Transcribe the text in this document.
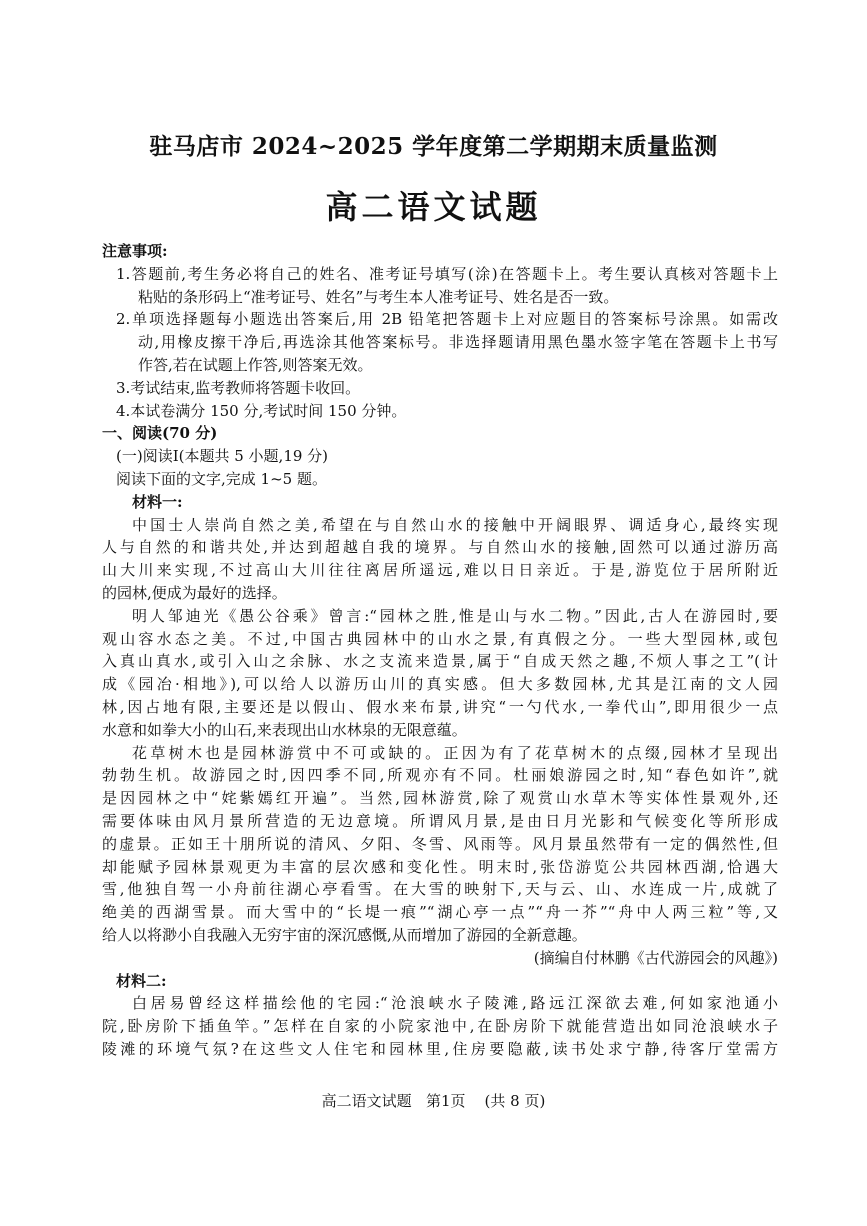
驻马店市 2024~2025 学年度第二学期期末质量监测
高二语文试题
注意事项:
1.答题前,考生务必将自己的姓名、准考证号填写(涂)在答题卡上。考生要认真核对答题卡上
粘贴的条形码上“准考证号、姓名”与考生本人准考证号、姓名是否一致。
2.单项选择题每小题选出答案后,用 2B 铅笔把答题卡上对应题目的答案标号涂黑。如需改
动,用橡皮擦干净后,再选涂其他答案标号。非选择题请用黑色墨水签字笔在答题卡上书写
作答,若在试题上作答,则答案无效。
3.考试结束,监考教师将答题卡收回。
4.本试卷满分 150 分,考试时间 150 分钟。
一、阅读(70 分)
(一)阅读Ⅰ(本题共 5 小题,19 分)
阅读下面的文字,完成 1~5 题。
材料一:
中国士人崇尚自然之美,希望在与自然山水的接触中开阔眼界、调适身心,最终实现
人与自然的和谐共处,并达到超越自我的境界。与自然山水的接触,固然可以通过游历高
山大川来实现,不过高山大川往往离居所遥远,难以日日亲近。于是,游览位于居所附近
的园林,便成为最好的选择。
明人邹迪光《愚公谷乘》曾言:“园林之胜,惟是山与水二物。”因此,古人在游园时,要
观山容水态之美。不过,中国古典园林中的山水之景,有真假之分。一些大型园林,或包
入真山真水,或引入山之余脉、水之支流来造景,属于“自成天然之趣,不烦人事之工”(计
成《园冶·相地》),可以给人以游历山川的真实感。但大多数园林,尤其是江南的文人园
林,因占地有限,主要还是以假山、假水来布景,讲究“一勺代水,一拳代山”,即用很少一点
水意和如拳大小的山石,来表现出山水林泉的无限意蕴。
花草树木也是园林游赏中不可或缺的。正因为有了花草树木的点缀,园林才呈现出
勃勃生机。故游园之时,因四季不同,所观亦有不同。杜丽娘游园之时,知“春色如许”,就
是因园林之中“姹紫嫣红开遍”。当然,园林游赏,除了观赏山水草木等实体性景观外,还
需要体味由风月景所营造的无边意境。所谓风月景,是由日月光影和气候变化等所形成
的虚景。正如王十朋所说的清风、夕阳、冬雪、风雨等。风月景虽然带有一定的偶然性,但
却能赋予园林景观更为丰富的层次感和变化性。明末时,张岱游览公共园林西湖,恰遇大
雪,他独自驾一小舟前往湖心亭看雪。在大雪的映射下,天与云、山、水连成一片,成就了
绝美的西湖雪景。而大雪中的“长堤一痕”“湖心亭一点”“舟一芥”“舟中人两三粒”等,又
给人以将渺小自我融入无穷宇宙的深沉感慨,从而增加了游园的全新意趣。
(摘编自付林鹏《古代游园会的风趣》)
材料二:
白居易曾经这样描绘他的宅园:“沧浪峡水子陵滩,路远江深欲去难,何如家池通小
院,卧房阶下插鱼竿。”怎样在自家的小院家池中,在卧房阶下就能营造出如同沧浪峡水子
陵滩的环境气氛?在这些文人住宅和园林里,住房要隐蔽,读书处求宁静,待客厅堂需方
高二语文试题   第1页    (共 8 页)
